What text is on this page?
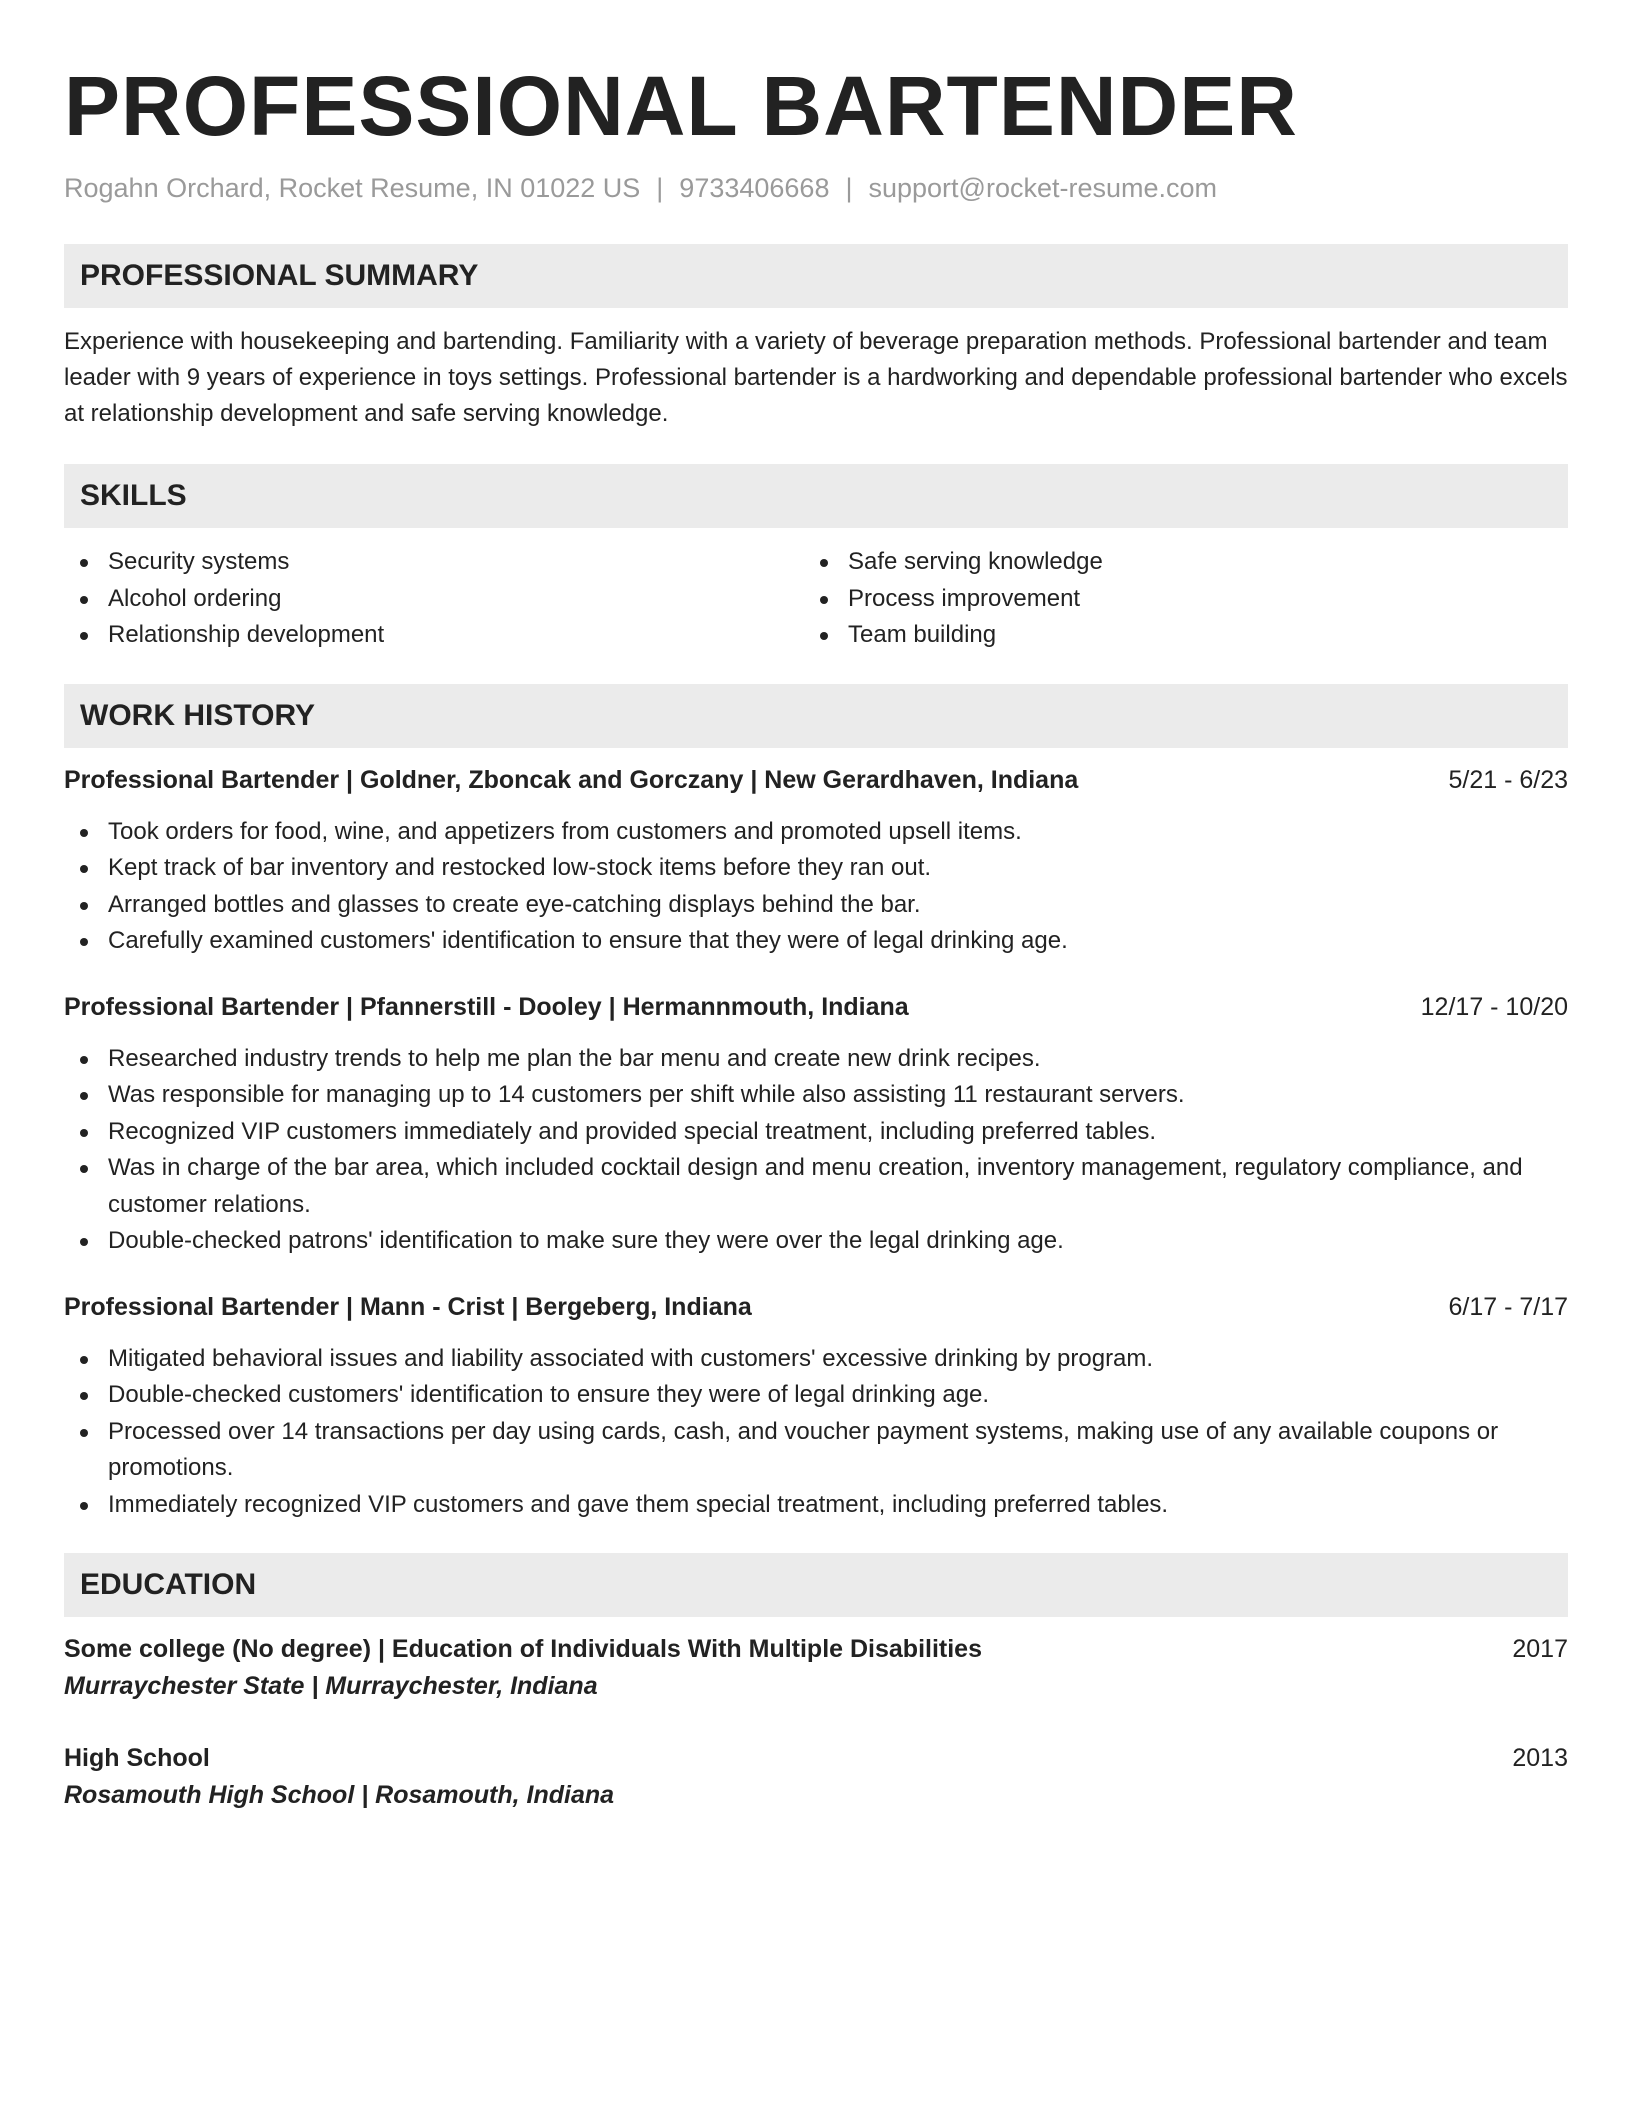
PROFESSIONAL BARTENDER
Rogahn Orchard, Rocket Resume, IN 01022 US | 9733406668 | support@rocket-resume.com
PROFESSIONAL SUMMARY

Experience with housekeeping and bartending. Familiarity with a variety of beverage preparation methods. Professional bartender and team leader with 9 years of experience in toys settings. Professional bartender is a hardworking and dependable professional bartender who excels at relationship development and safe serving knowledge.

SKILLS
Security systems
Alcohol ordering
Relationship development
Safe serving knowledge
Process improvement
Team building
WORK HISTORY
Professional Bartender | Goldner, Zboncak and Gorczany | New Gerardhaven, Indiana	5/21 - 6/23
Took orders for food, wine, and appetizers from customers and promoted upsell items.
Kept track of bar inventory and restocked low-stock items before they ran out.
Arranged bottles and glasses to create eye-catching displays behind the bar.
Carefully examined customers' identification to ensure that they were of legal drinking age.
Professional Bartender | Pfannerstill - Dooley | Hermannmouth, Indiana	12/17 - 10/20
Researched industry trends to help me plan the bar menu and create new drink recipes.
Was responsible for managing up to 14 customers per shift while also assisting 11 restaurant servers.
Recognized VIP customers immediately and provided special treatment, including preferred tables.
Was in charge of the bar area, which included cocktail design and menu creation, inventory management, regulatory compliance, and customer relations.
Double-checked patrons' identification to make sure they were over the legal drinking age.
Professional Bartender | Mann - Crist | Bergeberg, Indiana	6/17 - 7/17
Mitigated behavioral issues and liability associated with customers' excessive drinking by program.
Double-checked customers' identification to ensure they were of legal drinking age.
Processed over 14 transactions per day using cards, cash, and voucher payment systems, making use of any available coupons or promotions.
Immediately recognized VIP customers and gave them special treatment, including preferred tables.
EDUCATION
Some college (No degree) | Education of Individuals With Multiple Disabilities	2017
Murraychester State | Murraychester, Indiana
High School	2013
Rosamouth High School | Rosamouth, Indiana
